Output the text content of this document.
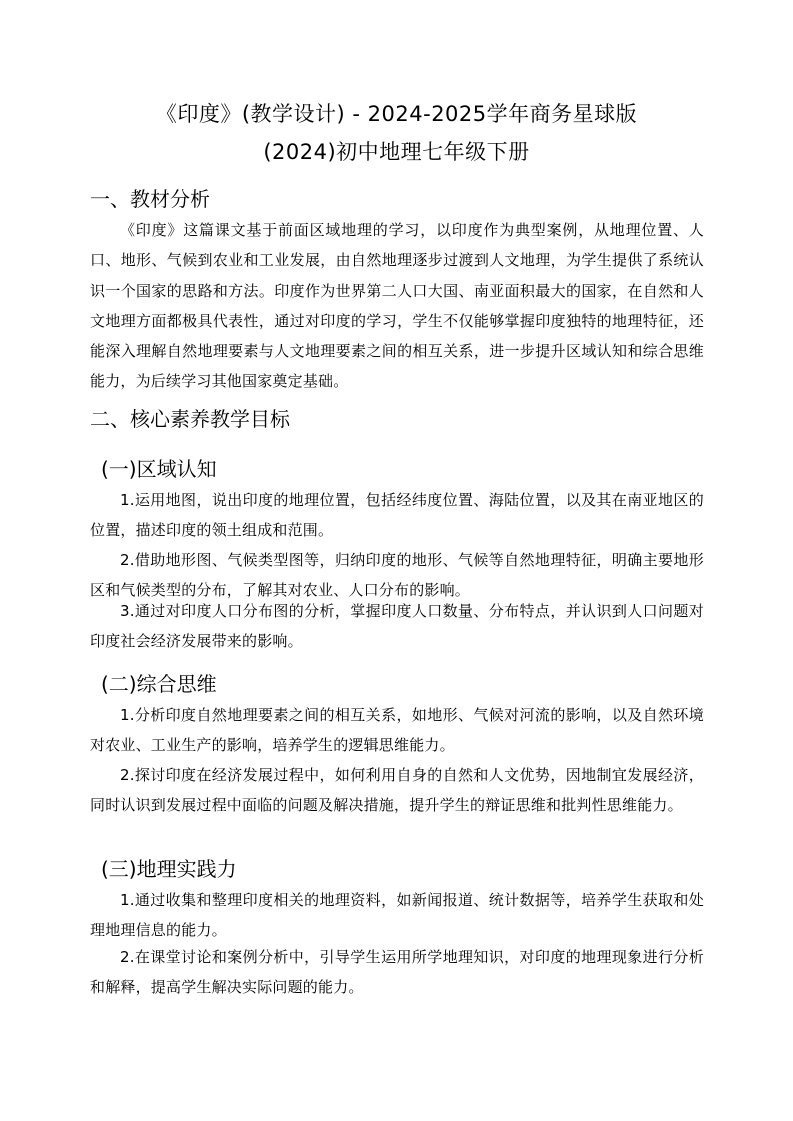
《印度》(教学设计) - 2024-2025学年商务星球版
(2024)初中地理七年级下册
一、教材分析
《印度》这篇课文基于前面区域地理的学习，以印度作为典型案例，从地理位置、人口、地形、气候到农业和工业发展，由自然地理逐步过渡到人文地理，为学生提供了系统认识一个国家的思路和方法。印度作为世界第二人口大国、南亚面积最大的国家，在自然和人文地理方面都极具代表性，通过对印度的学习，学生不仅能够掌握印度独特的地理特征，还能深入理解自然地理要素与人文地理要素之间的相互关系，进一步提升区域认知和综合思维能力，为后续学习其他国家奠定基础。
二、核心素养教学目标
(一)区域认知
1.运用地图，说出印度的地理位置，包括经纬度位置、海陆位置，以及其在南亚地区的位置，描述印度的领土组成和范围。
2.借助地形图、气候类型图等，归纳印度的地形、气候等自然地理特征，明确主要地形区和气候类型的分布，了解其对农业、人口分布的影响。
3.通过对印度人口分布图的分析，掌握印度人口数量、分布特点，并认识到人口问题对印度社会经济发展带来的影响。
(二)综合思维
1.分析印度自然地理要素之间的相互关系，如地形、气候对河流的影响，以及自然环境对农业、工业生产的影响，培养学生的逻辑思维能力。
2.探讨印度在经济发展过程中，如何利用自身的自然和人文优势，因地制宜发展经济，同时认识到发展过程中面临的问题及解决措施，提升学生的辩证思维和批判性思维能力。
(三)地理实践力
1.通过收集和整理印度相关的地理资料，如新闻报道、统计数据等，培养学生获取和处理地理信息的能力。
2.在课堂讨论和案例分析中，引导学生运用所学地理知识，对印度的地理现象进行分析和解释，提高学生解决实际问题的能力。
